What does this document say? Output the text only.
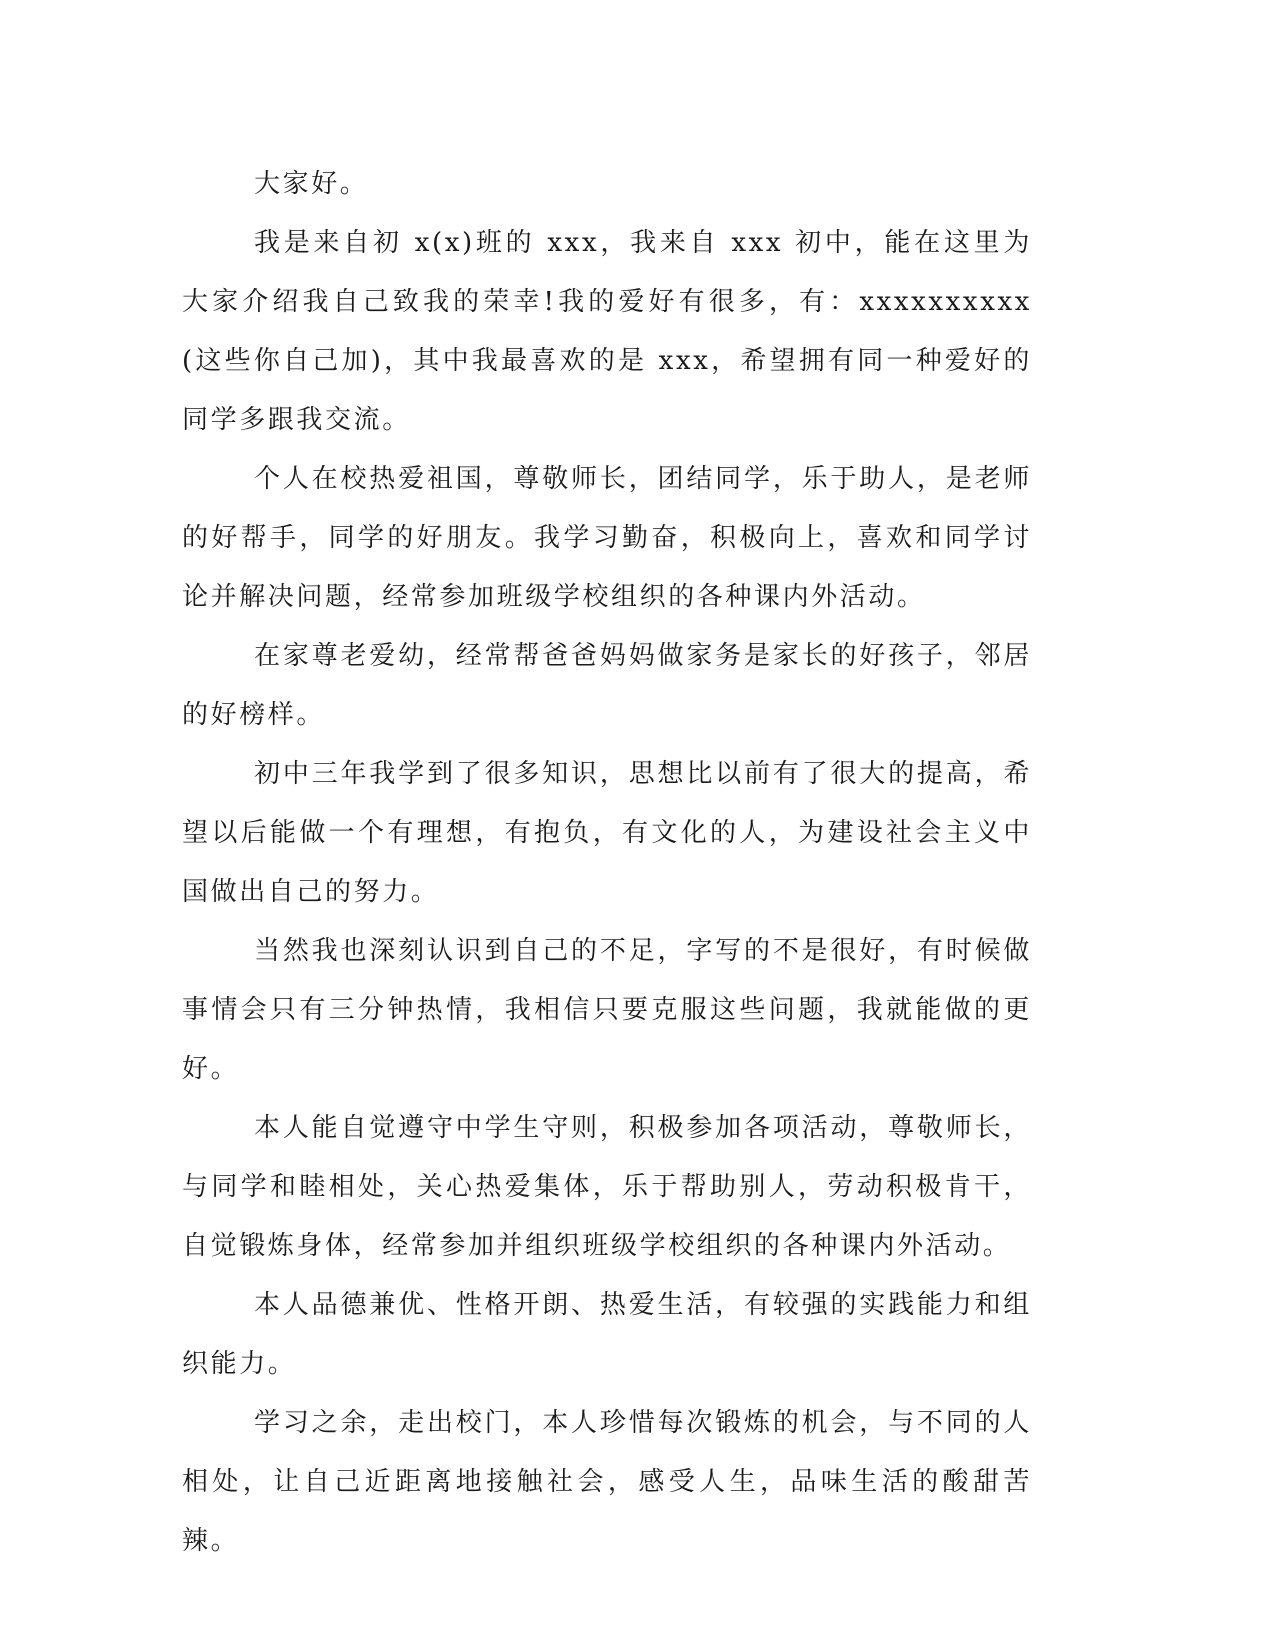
大家好。

我是来自初 x(x)班的 xxx，我来自 xxx 初中，能在这里为大家介绍我自己致我的荣幸!我的爱好有很多，有：xxxxxxxxxx(这些你自己加)，其中我最喜欢的是 xxx，希望拥有同一种爱好的同学多跟我交流。

个人在校热爱祖国，尊敬师长，团结同学，乐于助人，是老师的好帮手，同学的好朋友。我学习勤奋，积极向上，喜欢和同学讨论并解决问题，经常参加班级学校组织的各种课内外活动。

在家尊老爱幼，经常帮爸爸妈妈做家务是家长的好孩子，邻居的好榜样。

初中三年我学到了很多知识，思想比以前有了很大的提高，希望以后能做一个有理想，有抱负，有文化的人，为建设社会主义中国做出自己的努力。

当然我也深刻认识到自己的不足，字写的不是很好，有时候做事情会只有三分钟热情，我相信只要克服这些问题，我就能做的更好。

本人能自觉遵守中学生守则，积极参加各项活动，尊敬师长，与同学和睦相处，关心热爱集体，乐于帮助别人，劳动积极肯干，自觉锻炼身体，经常参加并组织班级学校组织的各种课内外活动。

本人品德兼优、性格开朗、热爱生活，有较强的实践能力和组织能力。

学习之余，走出校门，本人珍惜每次锻炼的机会，与不同的人相处，让自己近距离地接触社会，感受人生，品味生活的酸甜苦辣。
